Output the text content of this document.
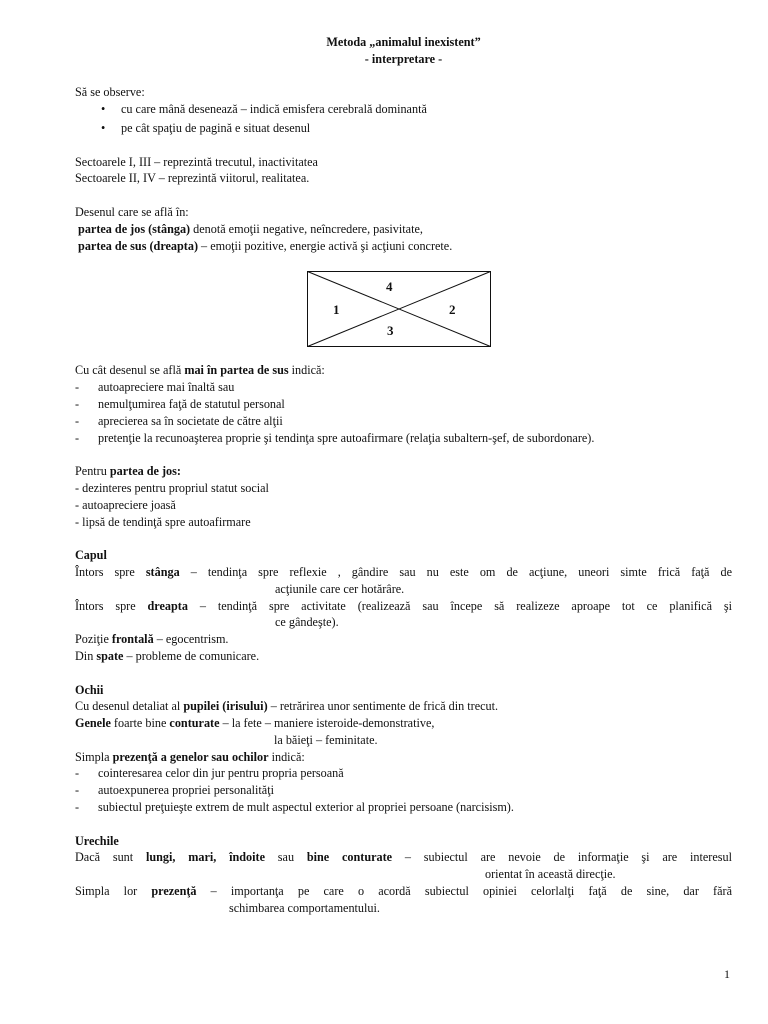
Metoda „animalul inexistent”

- interpretare -

Să se observe:

• cu care mână desenează – indică emisfera cerebrală dominantă

• pe cât spaţiu de pagină e situat desenul

Sectoarele I, III – reprezintă trecutul, inactivitatea

Sectoarele II, IV – reprezintă viitorul, realitatea.

Desenul care se află în:

partea de jos (stânga) denotă emoţii negative, neîncredere, pasivitate,

partea de sus (dreapta) – emoţii pozitive, energie activă şi acţiuni concrete.

4
1	2
3

Cu cât desenul se află mai în partea de sus indică:

- autoapreciere mai înaltă sau

- nemulţumirea faţă de statutul personal

- aprecierea sa în societate de către alţii

- pretenţie la recunoaşterea proprie şi tendinţa spre autoafirmare (relaţia subaltern-şef, de subordonare).

Pentru partea de jos:

- dezinteres pentru propriul statut social

- autoapreciere joasă

- lipsă de tendinţă spre autoafirmare

Capul

Întors spre stânga – tendinţa spre reflexie , gândire sau nu este om de acţiune, uneori simte frică faţă de

acţiunile care cer hotărâre.

Întors spre dreapta – tendinţă spre activitate (realizează sau începe să realizeze aproape tot ce planifică şi

ce gândeşte).

Poziţie frontală – egocentrism.

Din spate – probleme de comunicare.

Ochii

Cu desenul detaliat al pupilei (irisului) – retrărirea unor sentimente de frică din trecut.

Genele foarte bine conturate – la fete – maniere isteroide-demonstrative,

la băieţi – feminitate.

Simpla prezenţă a genelor sau ochilor indică:

- cointeresarea celor din jur pentru propria persoană

- autoexpunerea propriei personalităţi

- subiectul preţuieşte extrem de mult aspectul exterior al propriei persoane (narcisism).

Urechile

Dacă sunt lungi, mari, îndoite sau bine conturate – subiectul are nevoie de informaţie şi are interesul

orientat în această direcţie.

Simpla lor prezenţă – importanţa pe care o acordă subiectul opiniei celorlalţi faţă de sine, dar fără

schimbarea comportamentului.

1
